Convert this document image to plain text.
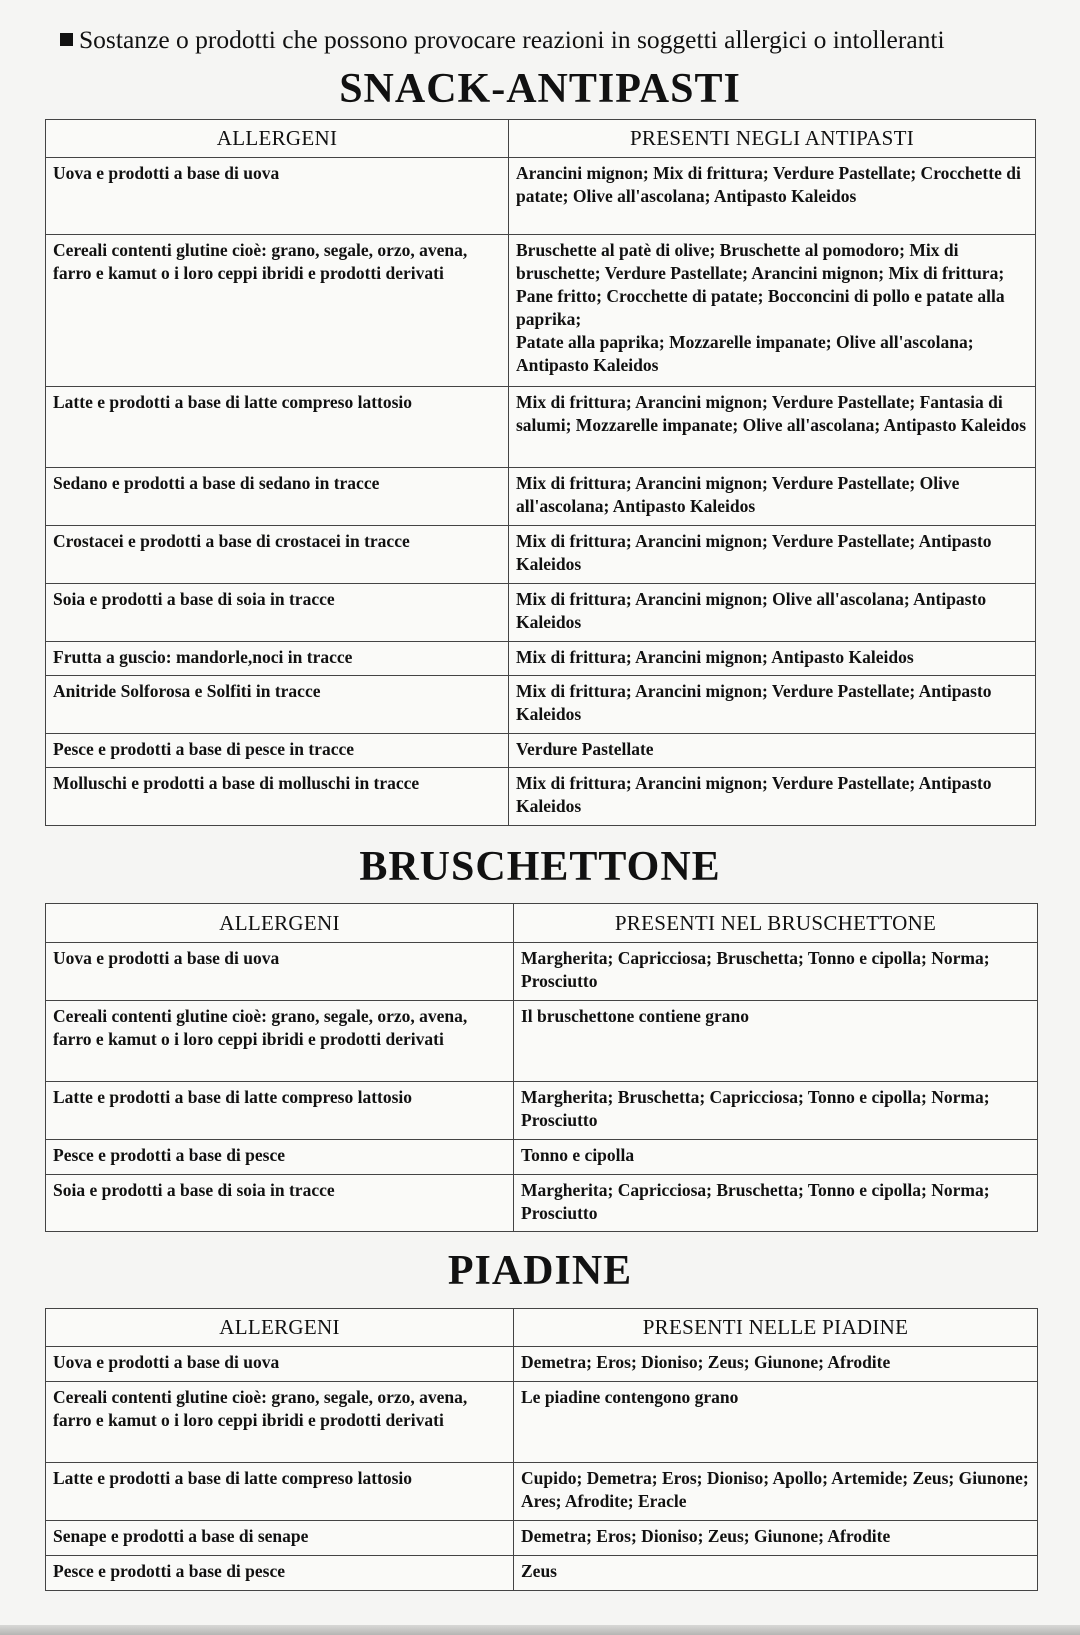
Sostanze o prodotti che possono provocare reazioni in soggetti allergici o intolleranti
SNACK-ANTIPASTI
ALLERGENI	PRESENTI NEGLI ANTIPASTI
Uova e prodotti a base di uova	Arancini mignon; Mix di frittura; Verdure Pastellate; Crocchette di patate; Olive all'ascolana; Antipasto Kaleidos
Cereali contenti glutine cioè: grano, segale, orzo, avena, farro e kamut o i loro ceppi ibridi e prodotti derivati	Bruschette al patè di olive; Bruschette al pomodoro; Mix di bruschette; Verdure Pastellate; Arancini mignon; Mix di frittura; Pane fritto; Crocchette di patate; Bocconcini di pollo e patate alla paprika;
Patate alla paprika; Mozzarelle impanate; Olive all'ascolana; Antipasto Kaleidos

Latte e prodotti a base di latte compreso lattosio	Mix di frittura; Arancini mignon; Verdure Pastellate; Fantasia di salumi; Mozzarelle impanate; Olive all'ascolana; Antipasto Kaleidos
Sedano e prodotti a base di sedano in tracce	Mix di frittura; Arancini mignon; Verdure Pastellate; Olive all'ascolana; Antipasto Kaleidos
Crostacei e prodotti a base di crostacei in tracce	Mix di frittura; Arancini mignon; Verdure Pastellate; Antipasto Kaleidos
Soia e prodotti a base di soia in tracce	Mix di frittura; Arancini mignon; Olive all'ascolana; Antipasto Kaleidos
Frutta a guscio: mandorle,noci in tracce	Mix di frittura; Arancini mignon; Antipasto Kaleidos
Anitride Solforosa e Solfiti in tracce	Mix di frittura; Arancini mignon; Verdure Pastellate; Antipasto Kaleidos
Pesce e prodotti a base di pesce in tracce	Verdure Pastellate
Molluschi e prodotti a base di molluschi in tracce	Mix di frittura; Arancini mignon; Verdure Pastellate; Antipasto Kaleidos
BRUSCHETTONE
ALLERGENI	PRESENTI NEL BRUSCHETTONE
Uova e prodotti a base di uova	Margherita; Capricciosa; Bruschetta; Tonno e cipolla; Norma; Prosciutto
Cereali contenti glutine cioè: grano, segale, orzo, avena, farro e kamut o i loro ceppi ibridi e prodotti derivati	Il bruschettone contiene grano
Latte e prodotti a base di latte compreso lattosio	Margherita; Bruschetta; Capricciosa; Tonno e cipolla; Norma; Prosciutto
Pesce e prodotti a base di pesce	Tonno e cipolla
Soia e prodotti a base di soia in tracce	Margherita; Capricciosa; Bruschetta; Tonno e cipolla; Norma; Prosciutto
PIADINE
ALLERGENI	PRESENTI NELLE PIADINE
Uova e prodotti a base di uova	Demetra; Eros; Dioniso; Zeus; Giunone; Afrodite
Cereali contenti glutine cioè: grano, segale, orzo, avena, farro e kamut o i loro ceppi ibridi e prodotti derivati	Le piadine contengono grano
Latte e prodotti a base di latte compreso lattosio	Cupido; Demetra; Eros; Dioniso; Apollo; Artemide; Zeus; Giunone; Ares; Afrodite; Eracle
Senape e prodotti a base di senape	Demetra; Eros; Dioniso; Zeus; Giunone; Afrodite
Pesce e prodotti a base di pesce	Zeus
